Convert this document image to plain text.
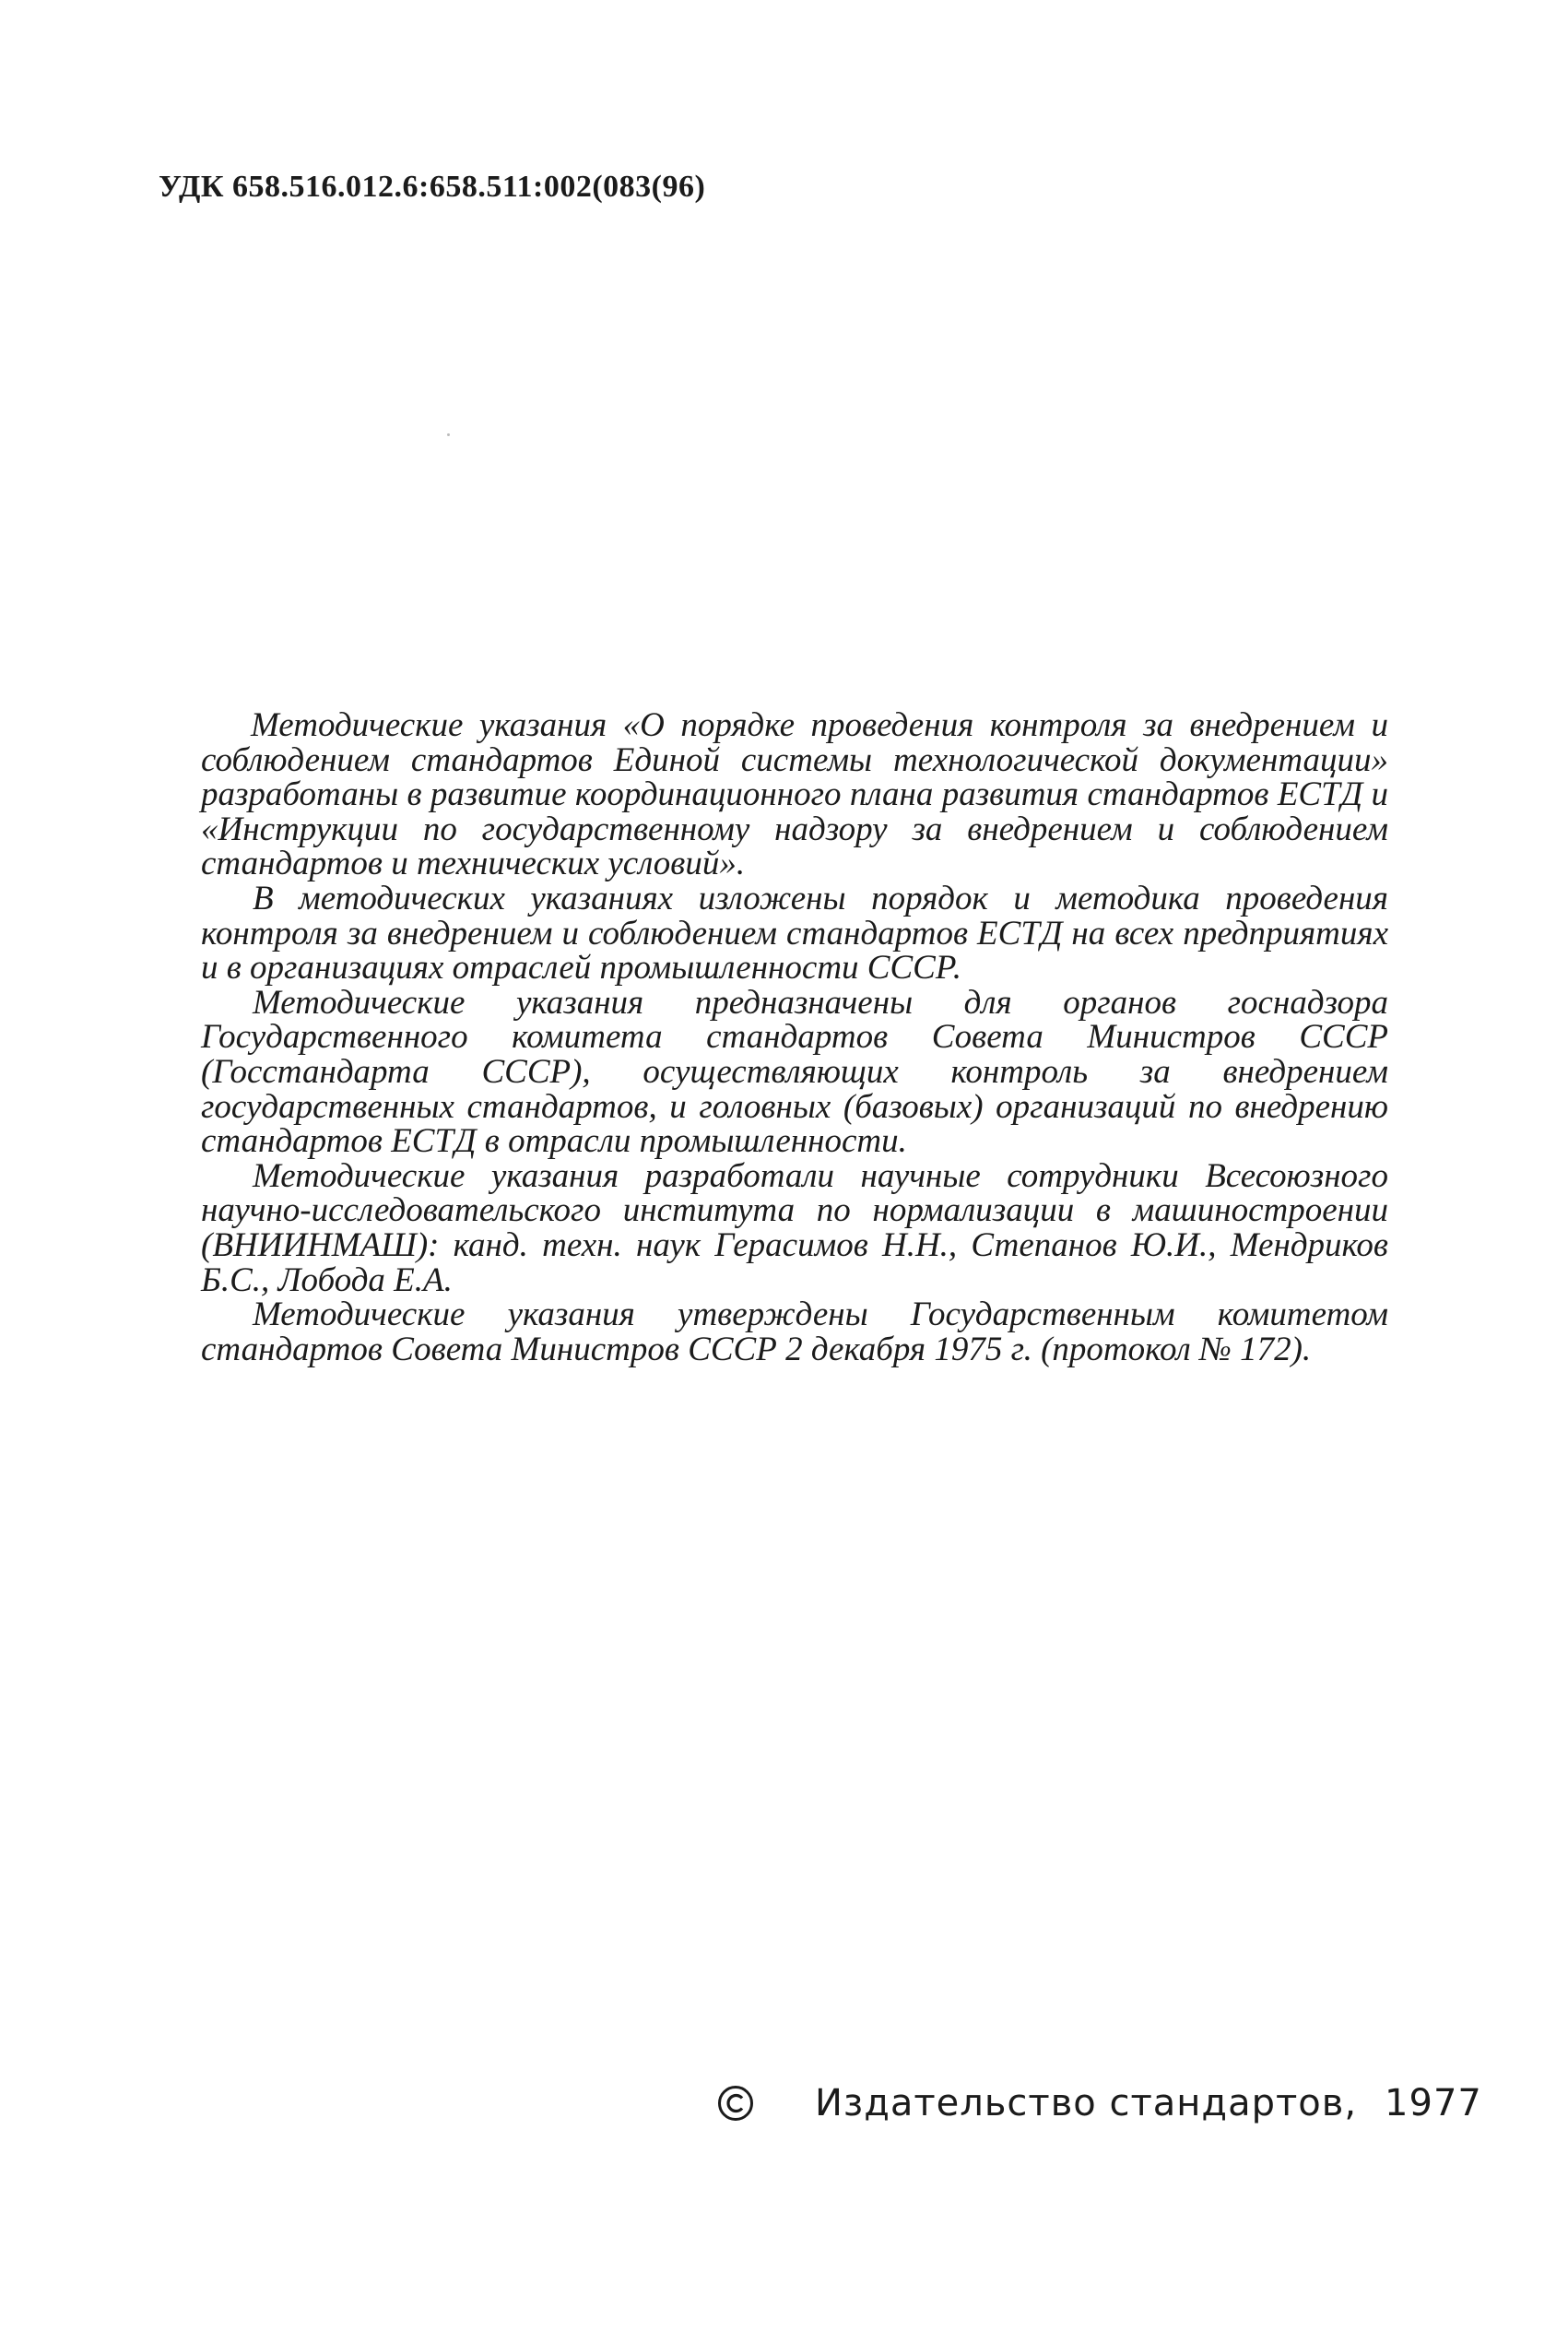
УДК 658.516.012.6:658.511:002(083(96)

Методические указания «О порядке проведения контроля за внедрением и соблюдением стандартов Единой системы технологической документации» разработаны в развитие координационного плана развития стандартов ЕСТД и «Инструкции по государственному надзору за внедрением и соблюдением стандартов и технических условий».

В методических указаниях изложены порядок и методика проведения контроля за внедрением и соблюдением стандартов ЕСТД на всех предприятиях и в организациях отраслей промышленности СССР.

Методические указания предназначены для органов госнадзора Государственного комитета стандартов Совета Министров СССР (Госстандарта СССР), осуществляющих контроль за внедрением государственных стандартов, и головных (базовых) организаций по внедрению стандартов ЕСТД в отрасли промышленности.

Методические указания разработали научные сотрудники Всесоюзного научно-исследовательского института по нормализации в машиностроении (ВНИИНМАШ): канд. техн. наук Герасимов Н.Н., Степанов Ю.И., Мендриков Б.С., Лобода Е.А.

Методические указания утверждены Государственным комитетом стандартов Совета Министров СССР 2 декабря 1975 г. (протокол № 172).

Издательство стандартов, 1977
